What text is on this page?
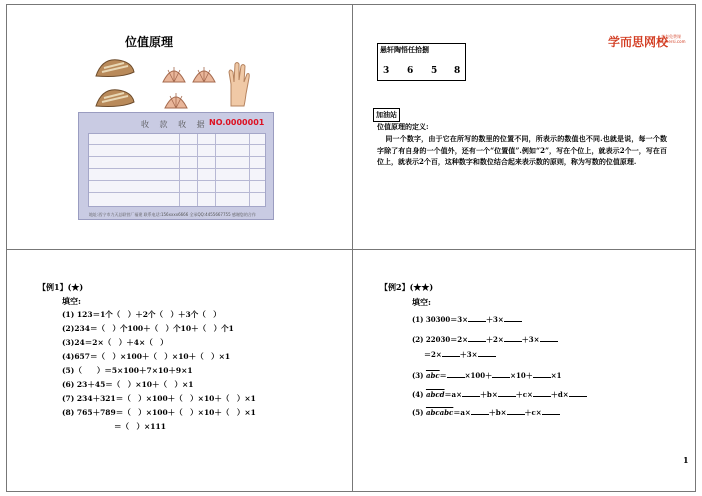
位值原理
收 款 收 据 NO.0000001
地址:西宁市力天总联营厂福建 联系电话:156xxxx6666 全承QQ:4455667755 感谢您的合作
学而思网校
享有免费课 xueersi.com
悬轩陶悟任拾捌
3 6 5 8
加油站
位值原理的定义:
同一个数字，由于它在所写的数里的位置不同，所表示的数值也不同.也就是说，每一个数字除了有自身的一个值外，还有一个“位置值”.例如“2”，写在个位上，就表示2个一，写在百位上，就表示2个百，这种数字和数位结合起来表示数的原则，称为写数的位值原理.
【例1】(★)
填空:
(1) 123＝1个（　）＋2个（　）＋3个（　）
(2)234＝（　）个100＋（　）个10＋（　）个1
(3)24＝2×（　）＋4×（　）
(4)657＝（　）×100＋（　）×10＋（　）×1
(5)（　　）＝5×100＋7×10＋9×1
(6) 23＋45＝（　）×10＋（　）×1
(7) 234＋321＝（　）×100＋（　）×10＋（　）×1
(8) 765＋789＝（　）×100＋（　）×10＋（　）×1
＝（　）×111
【例2】(★★)
填空:
(1) 30300＝3×	＋3×
(2) 22030＝2×	＋2×	＋3×
＝2×	＋3×
(3) $\overline{abc}=$	×100＋	×10＋	×1
(4) abcd＝a×	＋b×	＋c×	＋d×
(5) abcabc＝a×	＋b×	＋c×
1
